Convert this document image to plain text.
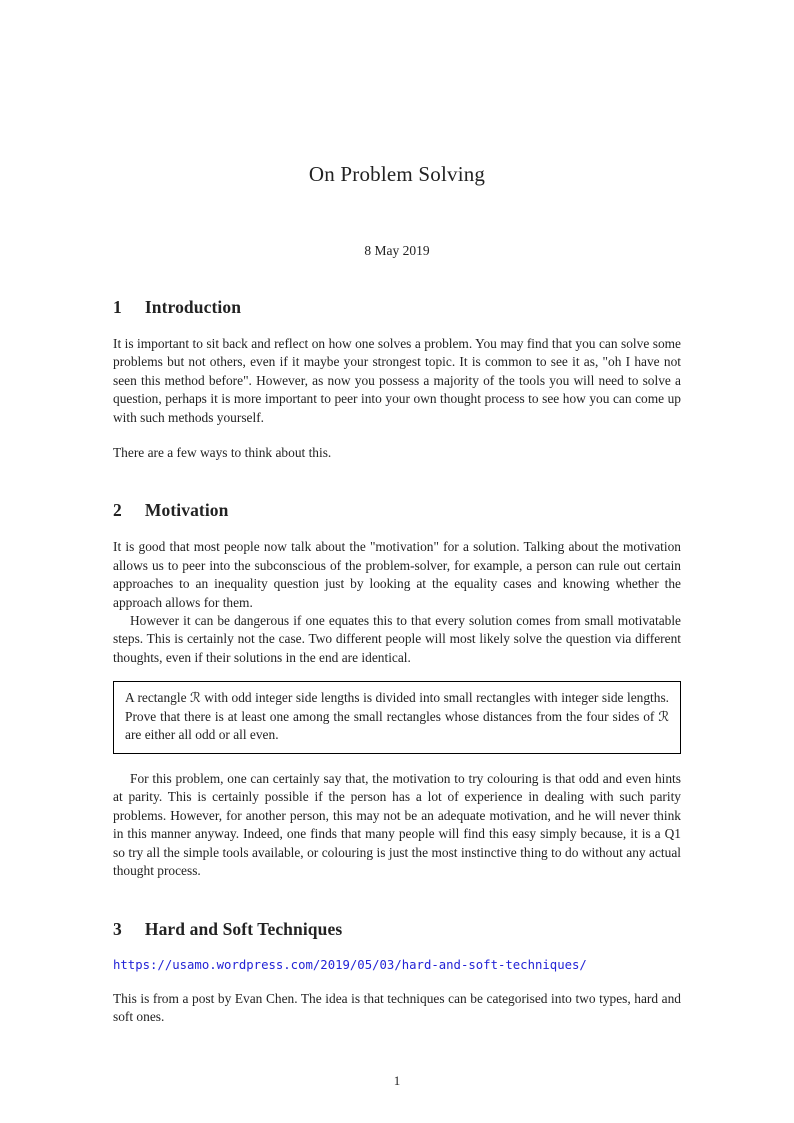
On Problem Solving
8 May 2019
1 Introduction

It is important to sit back and reflect on how one solves a problem. You may find that you can solve some problems but not others, even if it maybe your strongest topic. It is common to see it as, "oh I have not seen this method before". However, as now you possess a majority of the tools you will need to solve a question, perhaps it is more important to peer into your own thought process to see how you can come up with such methods yourself.

There are a few ways to think about this.

2 Motivation

It is good that most people now talk about the "motivation" for a solution. Talking about the motivation allows us to peer into the subconscious of the problem-solver, for example, a person can rule out certain approaches to an inequality question just by looking at the equality cases and knowing whether the approach allows for them.

However it can be dangerous if one equates this to that every solution comes from small motivatable steps. This is certainly not the case. Two different people will most likely solve the question via different thoughts, even if their solutions in the end are identical.

A rectangle ℛ with odd integer side lengths is divided into small rectangles with integer side lengths. Prove that there is at least one among the small rectangles whose distances from the four sides of ℛ are either all odd or all even.

For this problem, one can certainly say that, the motivation to try colouring is that odd and even hints at parity. This is certainly possible if the person has a lot of experience in dealing with such parity problems. However, for another person, this may not be an adequate motivation, and he will never think in this manner anyway. Indeed, one finds that many people will find this easy simply because, it is a Q1 so try all the simple tools available, or colouring is just the most instinctive thing to do without any actual thought process.

3 Hard and Soft Techniques

https://usamo.wordpress.com/2019/05/03/hard-and-soft-techniques/

This is from a post by Evan Chen. The idea is that techniques can be categorised into two types, hard and soft ones.

1
